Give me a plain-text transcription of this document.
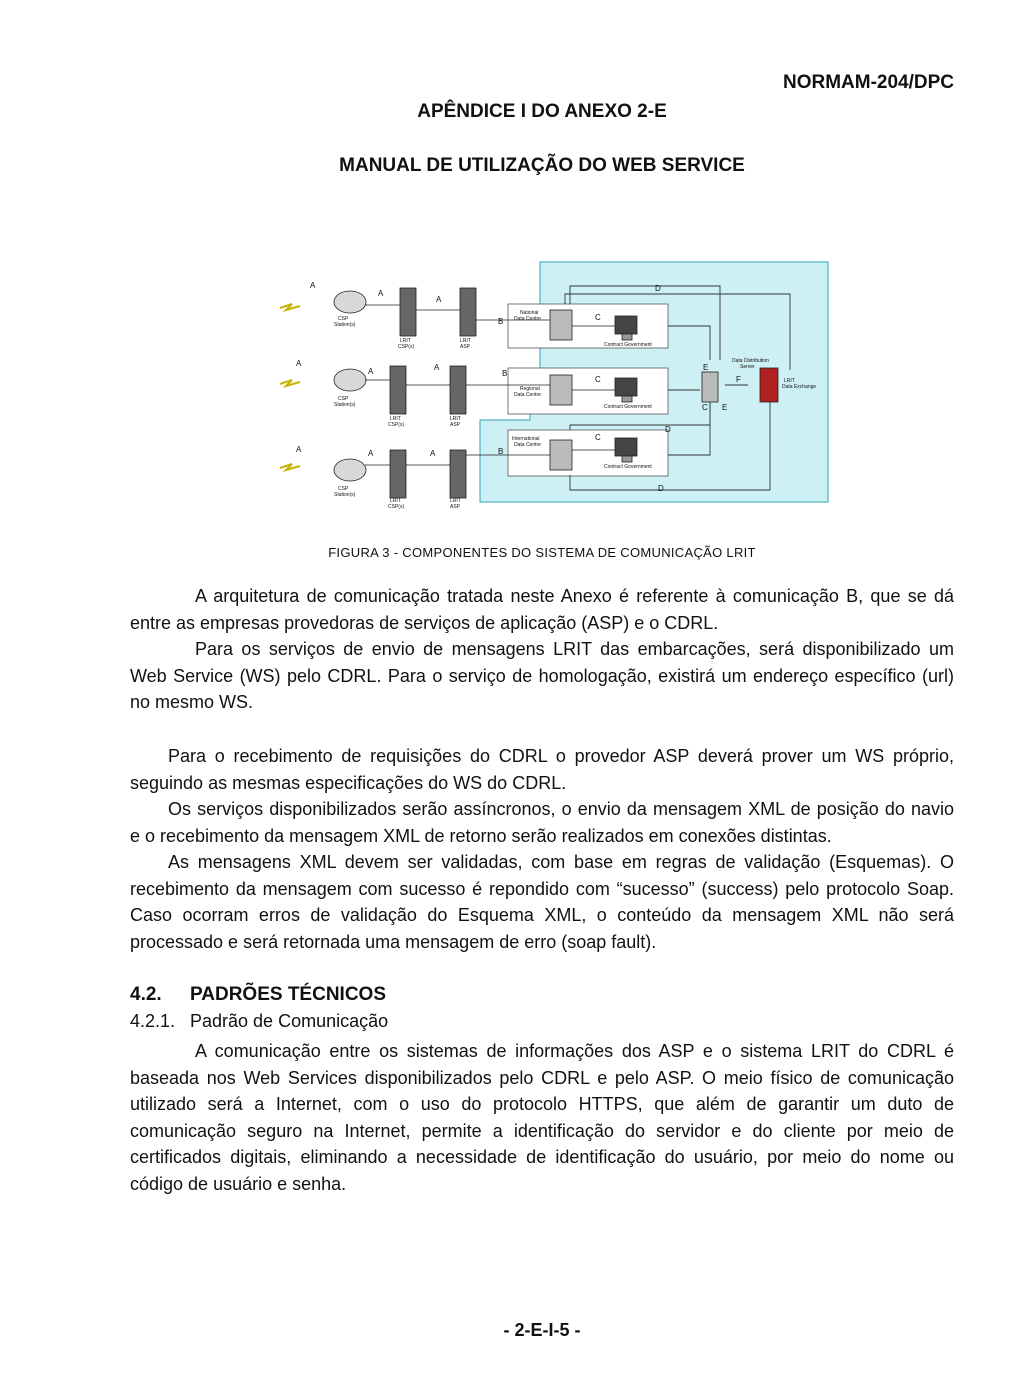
NORMAM-204/DPC
APÊNDICE I DO ANEXO 2-E
MANUAL DE UTILIZAÇÃO DO WEB SERVICE
A
A
A
A
A	A
A	A	A
B
B
B
C
C
C
C
D
D
D
E
E
F
CSP
Station(s)
LRIT
CSP(s)
LRIT
ASP
CSP
Station(s)
LRIT
CSP(s)
LRIT
ASP
CSP
Station(s)
LRIT
CSP(s)
LRIT
ASP
National
Data Centre
Regional
Data Centre
International
Data Centre
Contract Government
Contract Government
Contract Government
Data Distribution
Server
LRIT
Data Exchange
FIGURA 3 - COMPONENTES DO SISTEMA DE COMUNICAÇÃO LRIT

A arquitetura de comunicação tratada neste Anexo é referente à comunicação B, que se dá entre as empresas provedoras de serviços de aplicação (ASP) e o CDRL.

Para os serviços de envio de mensagens LRIT das embarcações, será disponibilizado um Web Service (WS) pelo CDRL. Para o serviço de homologação, existirá um endereço específico (url) no mesmo WS.

Para o recebimento de requisições do CDRL o provedor ASP deverá prover um WS próprio, seguindo as mesmas especificações do WS do CDRL.

Os serviços disponibilizados serão assíncronos, o envio da mensagem XML de posição do navio e o recebimento da mensagem XML de retorno serão realizados em conexões distintas.

As mensagens XML devem ser validadas, com base em regras de validação (Esquemas). O recebimento da mensagem com sucesso é repondido com “sucesso” (success) pelo protocolo Soap. Caso ocorram erros de validação do Esquema XML, o conteúdo da mensagem XML não será processado e será retornada uma mensagem de erro (soap fault).

4.2. PADRÕES TÉCNICOS
4.2.1. Padrão de Comunicação

A comunicação entre os sistemas de informações dos ASP e o sistema LRIT do CDRL é baseada nos Web Services disponibilizados pelo CDRL e pelo ASP. O meio físico de comunicação utilizado será a Internet, com o uso do protocolo HTTPS, que além de garantir um duto de comunicação seguro na Internet, permite a identificação do servidor e do cliente por meio de certificados digitais, eliminando a necessidade de identificação do usuário, por meio do nome ou código de usuário e senha.

- 2-E-I-5 -
